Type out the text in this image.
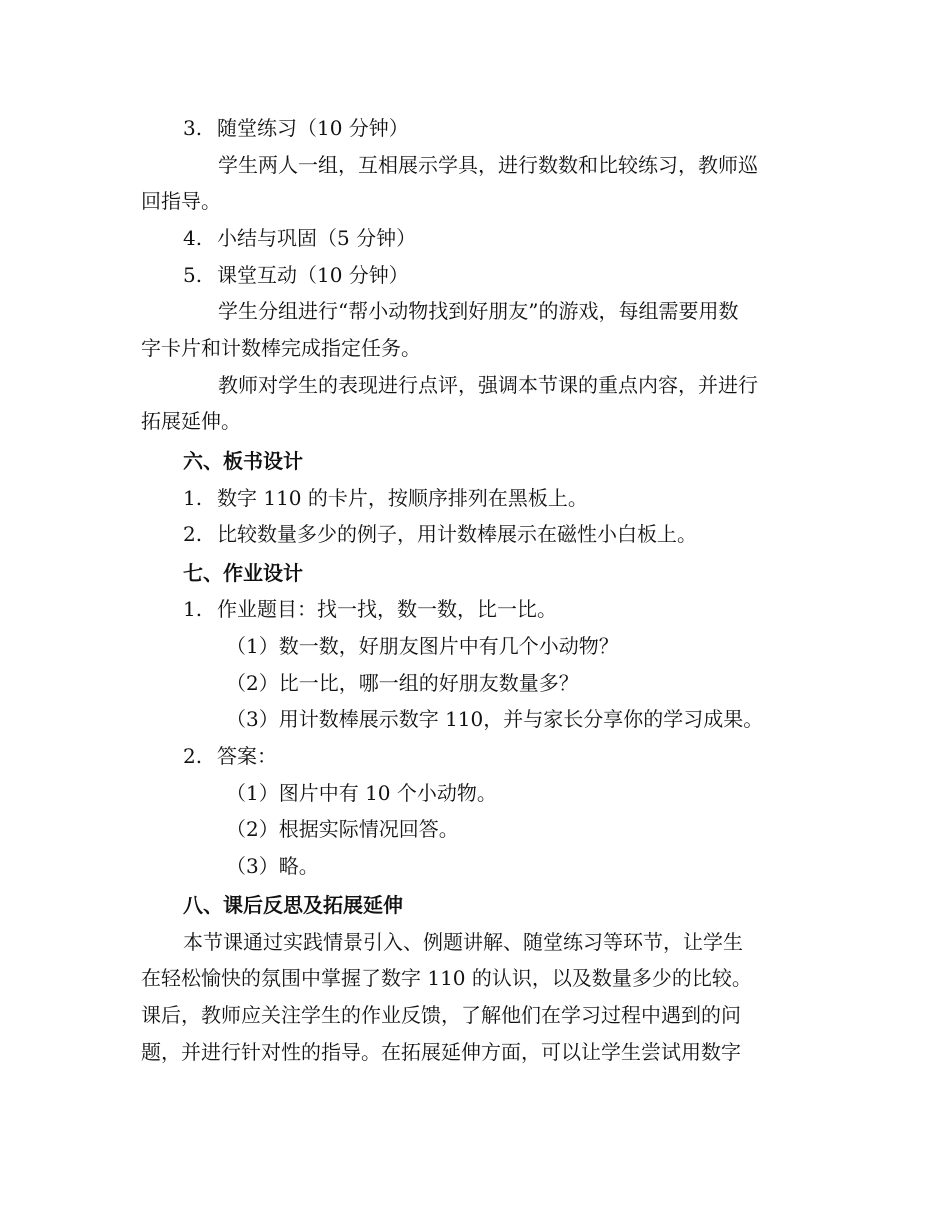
3. 随堂练习（10 分钟）
学生两人一组，互相展示学具，进行数数和比较练习，教师巡
回指导。
4. 小结与巩固（5 分钟）
5. 课堂互动（10 分钟）
学生分组进行“帮小动物找到好朋友”的游戏，每组需要用数
字卡片和计数棒完成指定任务。
教师对学生的表现进行点评，强调本节课的重点内容，并进行
拓展延伸。
六、板书设计
1. 数字 110 的卡片，按顺序排列在黑板上。
2. 比较数量多少的例子，用计数棒展示在磁性小白板上。
七、作业设计
1. 作业题目：找一找，数一数，比一比。
（1）数一数，好朋友图片中有几个小动物？
（2）比一比，哪一组的好朋友数量多？
（3）用计数棒展示数字 110，并与家长分享你的学习成果。
2. 答案：
（1）图片中有 10 个小动物。
（2）根据实际情况回答。
（3）略。
八、课后反思及拓展延伸
本节课通过实践情景引入、例题讲解、随堂练习等环节，让学生
在轻松愉快的氛围中掌握了数字 110 的认识，以及数量多少的比较。
课后，教师应关注学生的作业反馈，了解他们在学习过程中遇到的问
题，并进行针对性的指导。在拓展延伸方面，可以让学生尝试用数字
